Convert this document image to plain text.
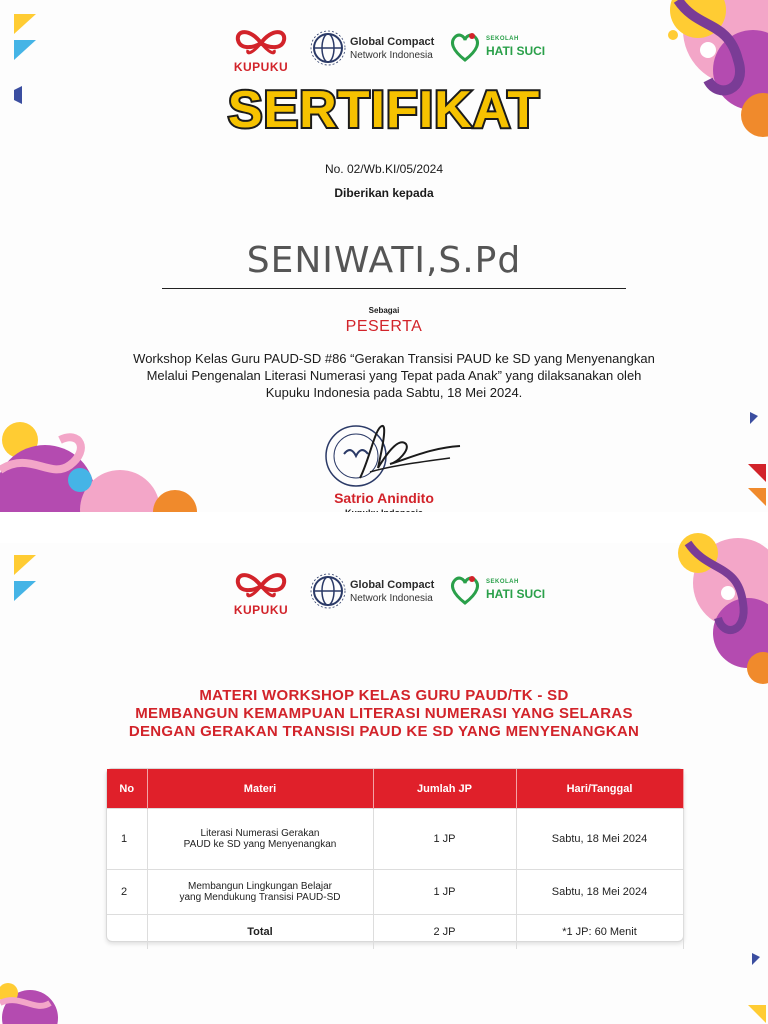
KUPUKU
Global Compact
Network Indonesia
SEKOLAH
HATI SUCI
SERTIFIKAT
No. 02/Wb.KI/05/2024
Diberikan kepada
SENIWATI,S.Pd
Sebagai
PESERTA
Workshop Kelas Guru PAUD-SD #86 “Gerakan Transisi PAUD ke SD yang Menyenangkan
Melalui Pengenalan Literasi Numerasi yang Tepat pada Anak” yang dilaksanakan oleh
Kupuku Indonesia pada Sabtu, 18 Mei 2024.
Satrio Anindito
KUPUKU
Global Compact
Network Indonesia
SEKOLAH
HATI SUCI
MATERI WORKSHOP KELAS GURU PAUD/TK - SD
MEMBANGUN KEMAMPUAN LITERASI NUMERASI YANG SELARAS
DENGAN GERAKAN TRANSISI PAUD KE SD YANG MENYENANGKAN
No	Materi	Jumlah JP	Hari/Tanggal
1	Literasi Numerasi Gerakan
PAUD ke SD yang Menyenangkan	1 JP	Sabtu, 18 Mei 2024
2	Membangun Lingkungan Belajar
yang Mendukung Transisi PAUD-SD	1 JP	Sabtu, 18 Mei 2024
	Total	2 JP	*1 JP: 60 Menit
